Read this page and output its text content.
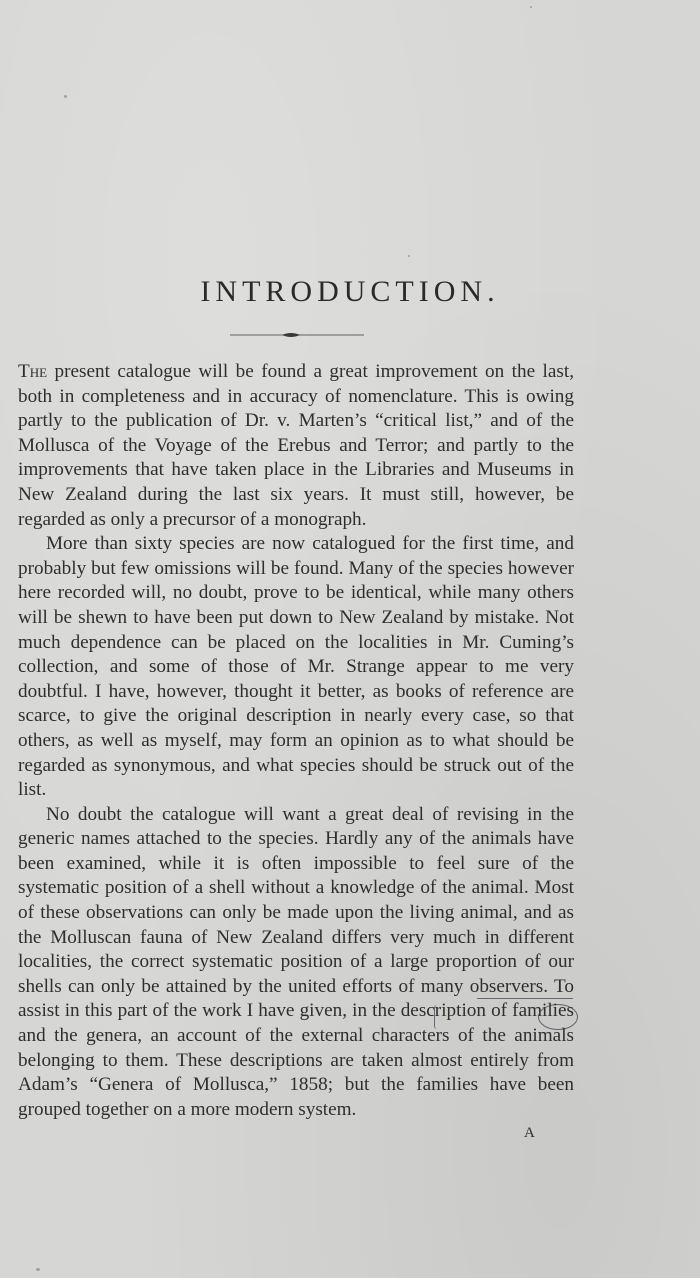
INTRODUCTION.

The present catalogue will be found a great improvement on the last, both in completeness and in accuracy of nomenclature. This is owing partly to the publication of Dr. v. Marten’s “critical list,” and of the Mollusca of the Voyage of the Erebus and Terror; and partly to the improvements that have taken place in the Libraries and Museums in New Zealand during the last six years. It must still, however, be regarded as only a precursor of a monograph.

More than sixty species are now catalogued for the first time, and probably but few omissions will be found. Many of the species however here recorded will, no doubt, prove to be identical, while many others will be shewn to have been put down to New Zealand by mistake. Not much dependence can be placed on the localities in Mr. Cuming’s collection, and some of those of Mr. Strange appear to me very doubtful. I have, however, thought it better, as books of reference are scarce, to give the original description in nearly every case, so that others, as well as myself, may form an opinion as to what should be regarded as synonymous, and what species should be struck out of the list.

No doubt the catalogue will want a great deal of revising in the generic names attached to the species. Hardly any of the animals have been examined, while it is often impossible to feel sure of the systematic position of a shell without a knowledge of the animal. Most of these observations can only be made upon the living animal, and as the Molluscan fauna of New Zealand differs very much in different localities, the correct systematic position of a large proportion of our shells can only be attained by the united efforts of many observers. To assist in this part of the work I have given, in the description of families and the genera, an account of the external characters of the animals belonging to them. These descriptions are taken almost entirely from Adam’s “Genera of Mollusca,” 1858; but the families have been grouped together on a more modern system.

A
